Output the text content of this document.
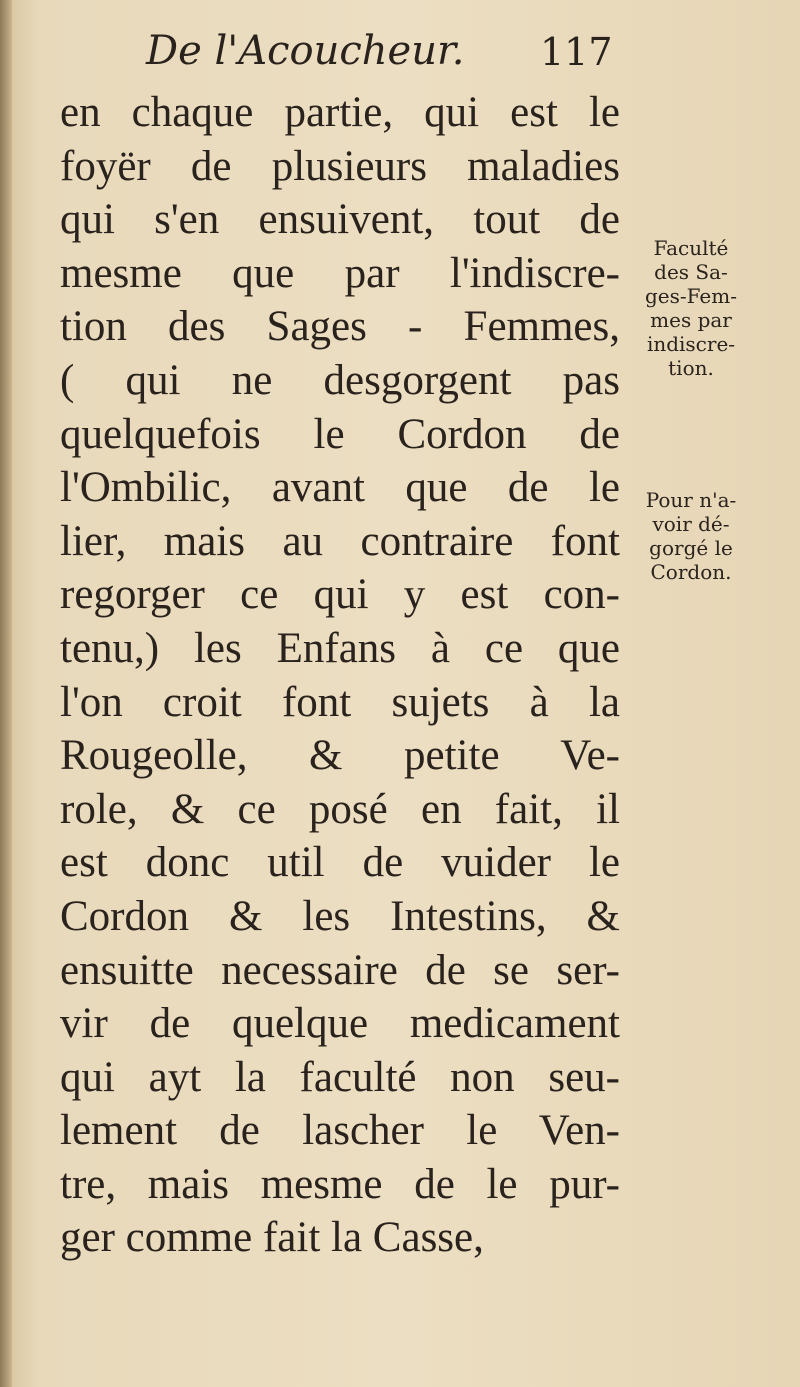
De l'Acoucheur. 117
en chaque partie, qui est le
foyër de plusieurs maladies
qui s'en ensuivent, tout de
mesme que par l'indiscre-
tion des Sages - Femmes,
( qui ne desgorgent pas
quelquefois le Cordon de
l'Ombilic, avant que de le
lier, mais au contraire font
regorger ce qui y est con-
tenu,) les Enfans à ce que
l'on croit font sujets à la
Rougeolle, & petite Ve-
role, & ce posé en fait, il
est donc util de vuider le
Cordon & les Intestins, &
ensuitte necessaire de se ser-
vir de quelque medicament
qui ayt la faculté non seu-
lement de lascher le Ven-
tre, mais mesme de le pur-
ger comme fait la Casse,
Faculté
des Sa-
ges-Fem-
mes par
indiscre-
tion.
Pour n'a-
voir dé-
gorgé le
Cordon.
